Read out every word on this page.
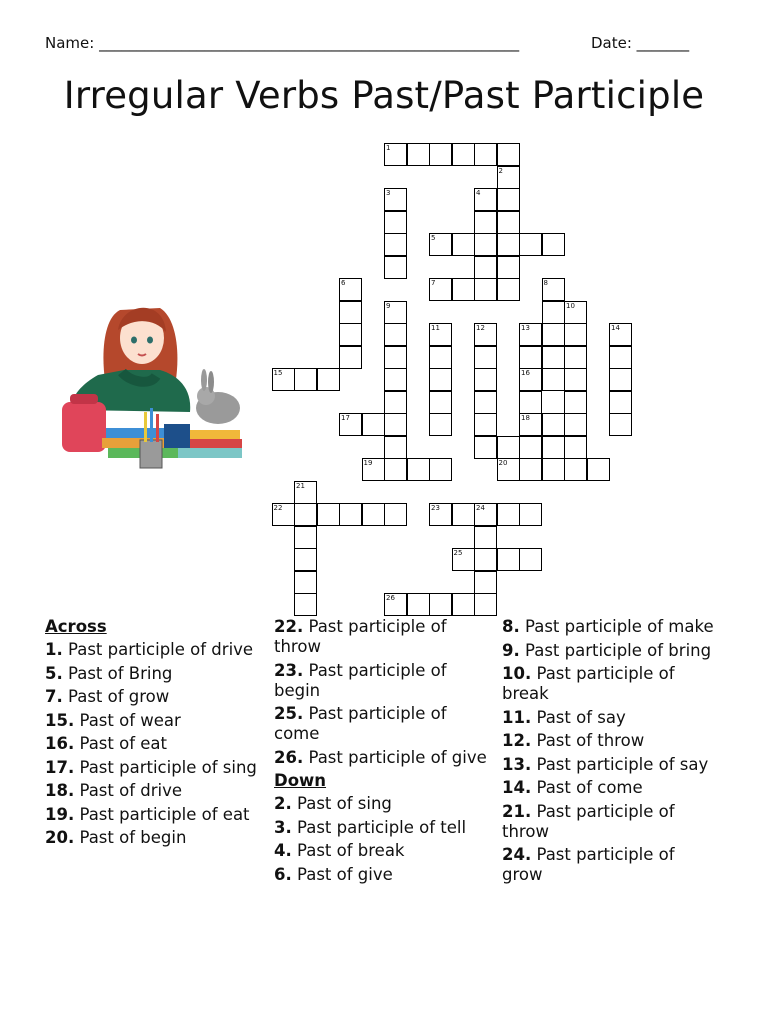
Name: ________________________________________________________	Date: _______
Irregular Verbs Past/Past Participle
1
2
3	4
5
7
6	8
9	10
11	12	13	14
15	16
17	18
19	20
21
22	23	24
25
26
Across
1. Past participle of drive
5. Past of Bring
7. Past of grow
15. Past of wear
16. Past of eat
17. Past participle of sing
18. Past of drive
19. Past participle of eat
20. Past of begin
22. Past participle of throw
23. Past participle of begin
25. Past participle of come
26. Past participle of give
Down
2. Past of sing
3. Past participle of tell
4. Past of break
6. Past of give
8. Past participle of make
9. Past participle of bring
10. Past participle of break
11. Past of say
12. Past of throw
13. Past participle of say
14. Past of come
21. Past participle of throw
24. Past participle of grow
